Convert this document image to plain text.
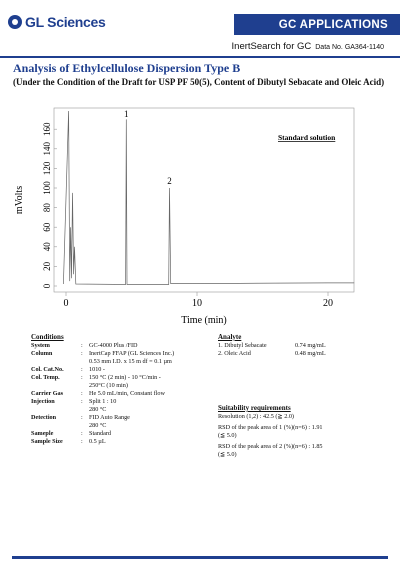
GL Sciences	GC APPLICATIONS
InertSearch for GC Data No. GA364-1140
Analysis of Ethylcellulose Dispersion Type B

(Under the Condition of the Draft for USP PF 50(5), Content of Dibutyl Sebacate and Oleic Acid)

0
20
40
60
80
100
120
140
160
0	10	20
1
2
Standard solution
mVolts
Time (min)
Conditions
System	:	GC-4000 Plus /FID
Column	:	InertCap FFAP (GL Sciences Inc.)
0.53 mm I.D. x 15 m df = 0.1 µm
Col. Cat.No.	:	1010 -
Col. Temp.	:	150 °C (2 min) - 10 °C/min -
250°C (10 min)
Carrier Gas	:	He 5.0 mL/min, Constant flow
Injection	:	Split 1 : 10
280 °C
Detection	:	FID Auto Range
280 °C
Sameple	:	Standard
Sample Size	:	0.5 µL
Analyte
1. Dibutyl Sebacate	0.74 mg/mL
2. Oleic Acid	0.48 mg/mL
Suitability requirements
Resolution (1,2) : 42.5 (≧ 2.0)
RSD of the peak area of 1 (%)(n=6) : 1.91
(≦ 5.0)
RSD of the peak area of 2 (%)(n=6) : 1.85
(≦ 5.0)
